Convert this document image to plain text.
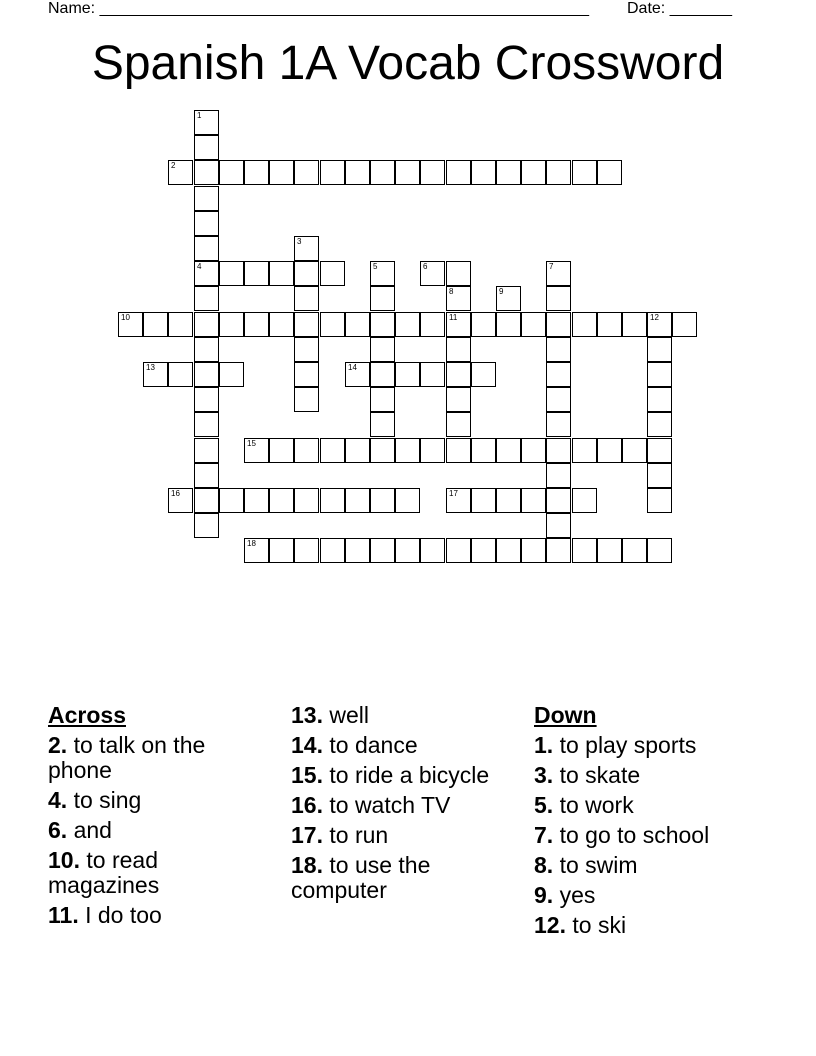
Name: _______________________________________________________ Date: _______
Spanish 1A Vocab Crossword
1
4
2
3
5	6	7
8
11
9
10	12
13	14
15
16	17
18
Across
2. to talk on the phone
4. to sing
6. and
10. to read magazines
11. I do too
13. well
14. to dance
15. to ride a bicycle
16. to watch TV
17. to run
18. to use the computer
Down
1. to play sports
3. to skate
5. to work
7. to go to school
8. to swim
9. yes
12. to ski
